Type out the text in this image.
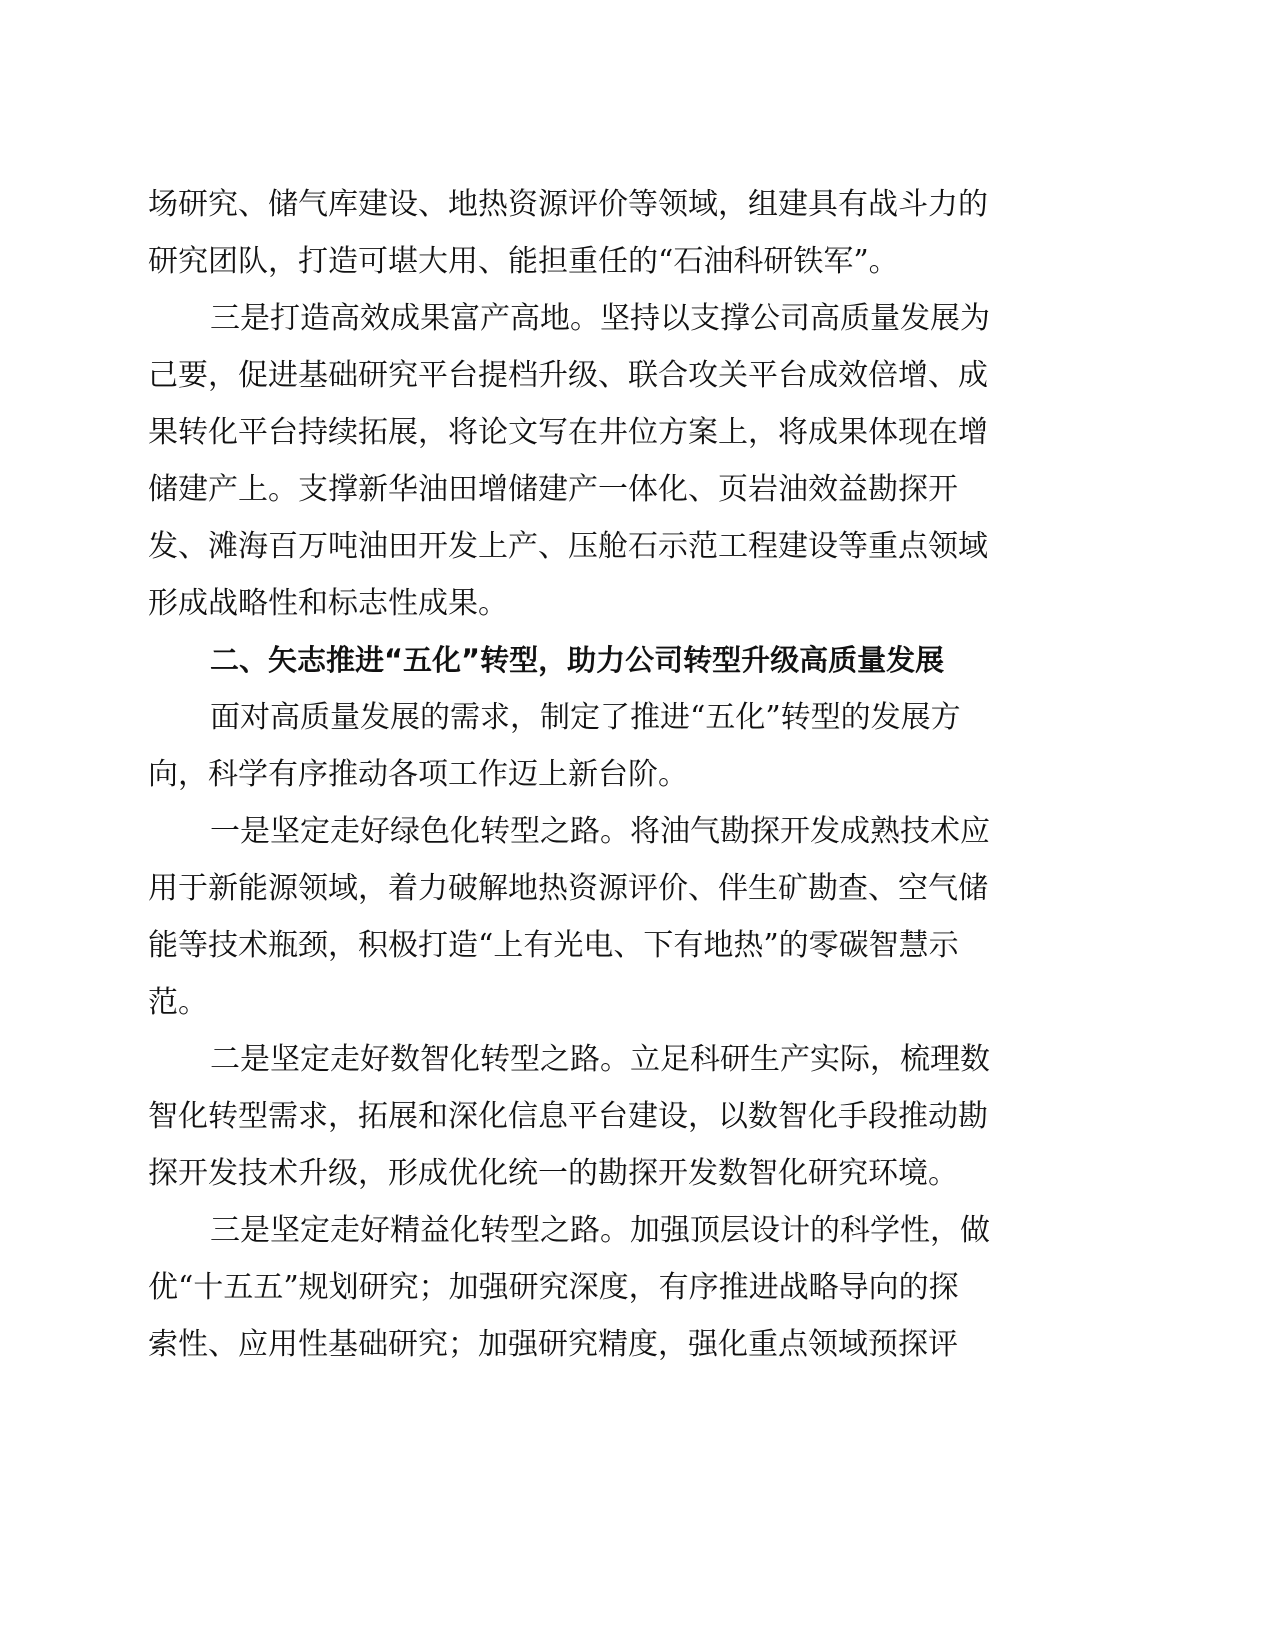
场研究、储气库建设、地热资源评价等领域，组建具有战斗力的
研究团队，打造可堪大用、能担重任的“石油科研铁军”。
三是打造高效成果富产高地。坚持以支撑公司高质量发展为
己要，促进基础研究平台提档升级、联合攻关平台成效倍增、成
果转化平台持续拓展，将论文写在井位方案上，将成果体现在增
储建产上。支撑新华油田增储建产一体化、页岩油效益勘探开
发、滩海百万吨油田开发上产、压舱石示范工程建设等重点领域
形成战略性和标志性成果。
二、矢志推进“五化”转型，助力公司转型升级高质量发展
面对高质量发展的需求，制定了推进“五化”转型的发展方
向，科学有序推动各项工作迈上新台阶。
一是坚定走好绿色化转型之路。将油气勘探开发成熟技术应
用于新能源领域，着力破解地热资源评价、伴生矿勘查、空气储
能等技术瓶颈，积极打造“上有光电、下有地热”的零碳智慧示
范。
二是坚定走好数智化转型之路。立足科研生产实际，梳理数
智化转型需求，拓展和深化信息平台建设，以数智化手段推动勘
探开发技术升级，形成优化统一的勘探开发数智化研究环境。
三是坚定走好精益化转型之路。加强顶层设计的科学性，做
优“十五五”规划研究；加强研究深度，有序推进战略导向的探
索性、应用性基础研究；加强研究精度，强化重点领域预探评
